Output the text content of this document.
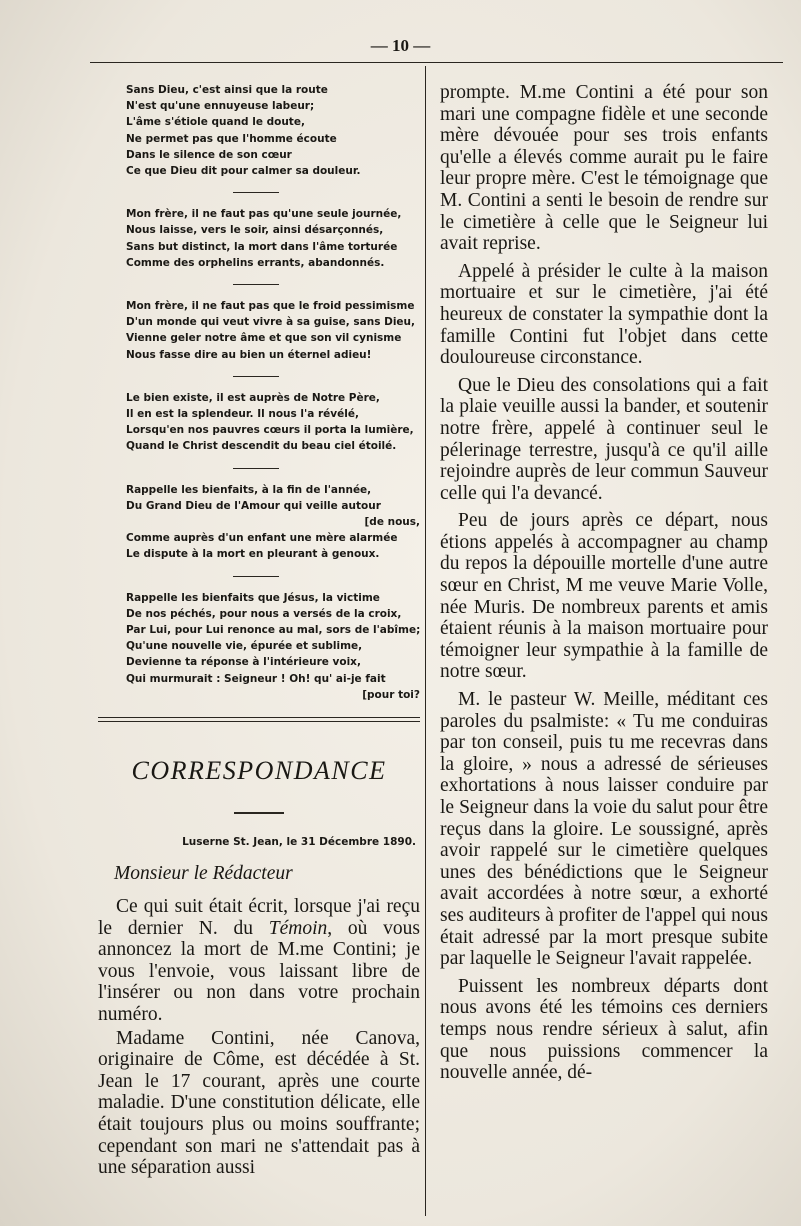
— 10 —
Sans Dieu, c'est ainsi que la route
N'est qu'une ennuyeuse labeur;
L'âme s'étiole quand le doute,
Ne permet pas que l'homme écoute
Dans le silence de son cœur
Ce que Dieu dit pour calmer sa douleur.
Mon frère, il ne faut pas qu'une seule journée,
Nous laisse, vers le soir, ainsi désarçonnés,
Sans but distinct, la mort dans l'âme torturée
Comme des orphelins errants, abandonnés.
Mon frère, il ne faut pas que le froid pessimisme
D'un monde qui veut vivre à sa guise, sans Dieu,
Vienne geler notre âme et que son vil cynisme
Nous fasse dire au bien un éternel adieu!
Le bien existe, il est auprès de Notre Père,
Il en est la splendeur. Il nous l'a révélé,
Lorsqu'en nos pauvres cœurs il porta la lumière,
Quand le Christ descendit du beau ciel étoilé.
Rappelle les bienfaits, à la fin de l'année,
Du Grand Dieu de l'Amour qui veille autour
[de nous,
Comme auprès d'un enfant une mère alarmée
Le dispute à la mort en pleurant à genoux.
Rappelle les bienfaits que Jésus, la victime
De nos péchés, pour nous a versés de la croix,
Par Lui, pour Lui renonce au mal, sors de l'abîme;
Qu'une nouvelle vie, épurée et sublime,
Devienne ta réponse à l'intérieure voix,
Qui murmurait : Seigneur ! Oh! qu' ai-je fait
[pour toi?
CORRESPONDANCE
Luserne St. Jean, le 31 Décembre 1890.
Monsieur le Rédacteur

Ce qui suit était écrit, lorsque j'ai reçu le dernier N. du Témoin, où vous annoncez la mort de M.me Contini; je vous l'envoie, vous laissant libre de l'insérer ou non dans votre prochain numéro.

Madame Contini, née Canova, originaire de Côme, est décédée à St. Jean le 17 courant, après une courte maladie. D'une constitution délicate, elle était toujours plus ou moins souffrante; cependant son mari ne s'attendait pas à une séparation aussi

prompte. M.me Contini a été pour son mari une compagne fidèle et une seconde mère dévouée pour ses trois enfants qu'elle a élevés comme aurait pu le faire leur propre mère. C'est le témoignage que M. Contini a senti le besoin de rendre sur le cimetière à celle que le Seigneur lui avait reprise.

Appelé à présider le culte à la maison mortuaire et sur le cimetière, j'ai été heureux de constater la sympathie dont la famille Contini fut l'objet dans cette douloureuse circonstance.

Que le Dieu des consolations qui a fait la plaie veuille aussi la bander, et soutenir notre frère, appelé à continuer seul le pélerinage terrestre, jusqu'à ce qu'il aille rejoindre auprès de leur commun Sauveur celle qui l'a devancé.

Peu de jours après ce départ, nous étions appelés à accompagner au champ du repos la dépouille mortelle d'une autre sœur en Christ, M me veuve Marie Volle, née Muris. De nombreux parents et amis étaient réunis à la maison mortuaire pour témoigner leur sympathie à la famille de notre sœur.

M. le pasteur W. Meille, méditant ces paroles du psalmiste: « Tu me conduiras par ton conseil, puis tu me recevras dans la gloire, » nous a adressé de sérieuses exhortations à nous laisser conduire par le Seigneur dans la voie du salut pour être reçus dans la gloire. Le soussigné, après avoir rappelé sur le cimetière quelques unes des bénédictions que le Seigneur avait accordées à notre sœur, a exhorté ses auditeurs à profiter de l'appel qui nous était adressé par la mort presque subite par laquelle le Seigneur l'avait rappelée.

Puissent les nombreux départs dont nous avons été les témoins ces derniers temps nous rendre sérieux à salut, afin que nous puissions commencer la nouvelle année, dé-
